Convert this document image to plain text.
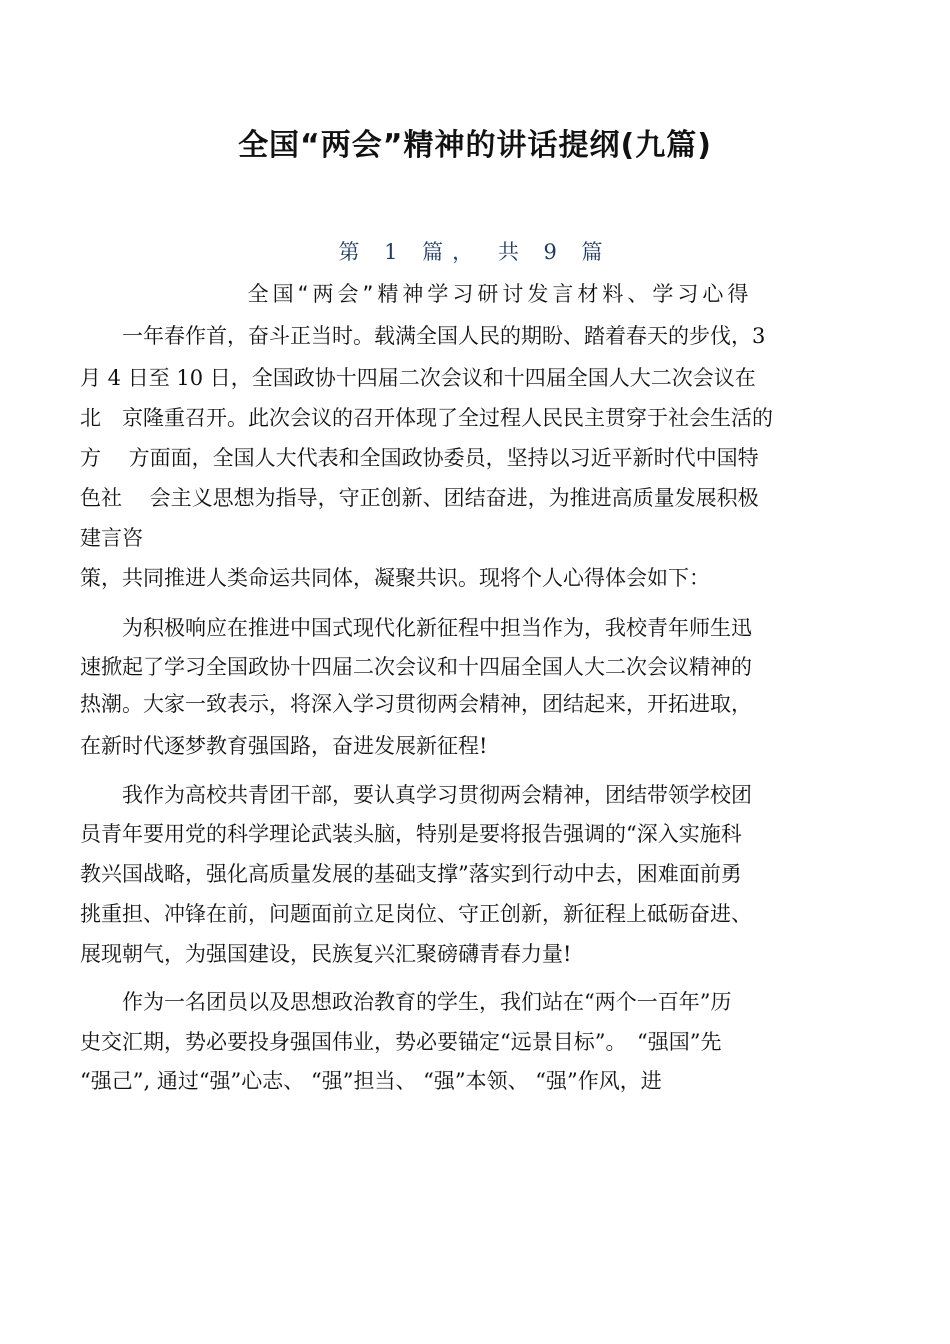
全国“两会”精神的讲话提纲(九篇)
第 1 篇， 共 9 篇
全国“两会”精神学习研讨发言材料、学习心得
　　一年春作首，奋斗正当时。载满全国人民的期盼、踏着春天的步伐，3
月 4 日至 10 日，全国政协十四届二次会议和十四届全国人大二次会议在
北　京隆重召开。此次会议的召开体现了全过程人民民主贯穿于社会生活的
方　 方面面，全国人大代表和全国政协委员，坚持以习近平新时代中国特
色社　 会主义思想为指导，守正创新、团结奋进，为推进高质量发展积极
建言咨
策，共同推进人类命运共同体，凝聚共识。现将个人心得体会如下：
　　为积极响应在推进中国式现代化新征程中担当作为，我校青年师生迅
速掀起了学习全国政协十四届二次会议和十四届全国人大二次会议精神的
热潮。大家一致表示，将深入学习贯彻两会精神，团结起来，开拓进取，
在新时代逐梦教育强国路，奋进发展新征程!
　　我作为高校共青团干部，要认真学习贯彻两会精神，团结带领学校团
员青年要用党的科学理论武装头脑，特别是要将报告强调的“深入实施科
教兴国战略，强化高质量发展的基础支撑”落实到行动中去，困难面前勇
挑重担、冲锋在前，问题面前立足岗位、守正创新，新征程上砥砺奋进、
展现朝气，为强国建设，民族复兴汇聚磅礴青春力量!
　　作为一名团员以及思想政治教育的学生，我们站在“两个一百年”历
史交汇期，势必要投身强国伟业，势必要锚定“远景目标”。　“强国”先
“强己”, 通过“强”心志、 “强”担当、 “强”本领、 “强”作风，进
